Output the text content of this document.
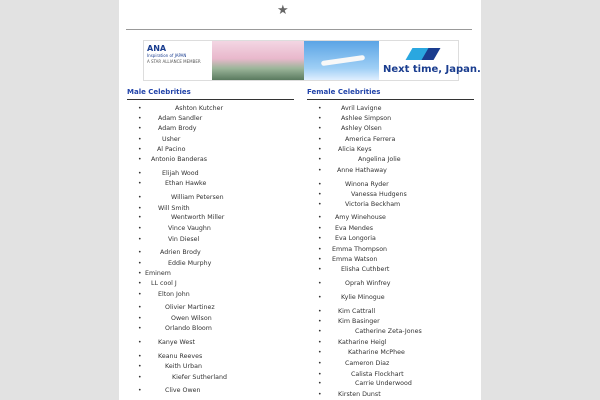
★
ANA
Inspiration of JAPAN
A STAR ALLIANCE MEMBER
Next time, Japan.
Male Celebrities
• Ashton Kutcher
• Adam Sandler
• Adam Brody
• Usher
• Al Pacino
• Antonio Banderas
• Elijah Wood
• Ethan Hawke
• William Petersen
• Will Smith
• Wentworth Miller
• Vince Vaughn
• Vin Diesel
• Adrien Brody
• Eddie Murphy
• Eminem
• LL cool J
• Elton John
• Olivier Martinez
• Owen Wilson
• Orlando Bloom
• Kanye West
• Keanu Reeves
• Keith Urban
• Kiefer Sutherland
• Clive Owen
Female Celebrities
• Avril Lavigne
• Ashlee Simpson
• Ashley Olsen
• America Ferrera
• Alicia Keys
• Angelina Jolie
• Anne Hathaway
• Winona Ryder
• Vanessa Hudgens
• Victoria Beckham
• Amy Winehouse
• Eva Mendes
• Eva Longoria
• Emma Thompson
• Emma Watson
• Elisha Cuthbert
• Oprah Winfrey
• Kylie Minogue
• Kim Cattrall
• Kim Basinger
• Catherine Zeta-Jones
• Katharine Heigl
• Katharine McPhee
• Cameron Diaz
• Calista Flockhart
• Carrie Underwood
• Kirsten Dunst
